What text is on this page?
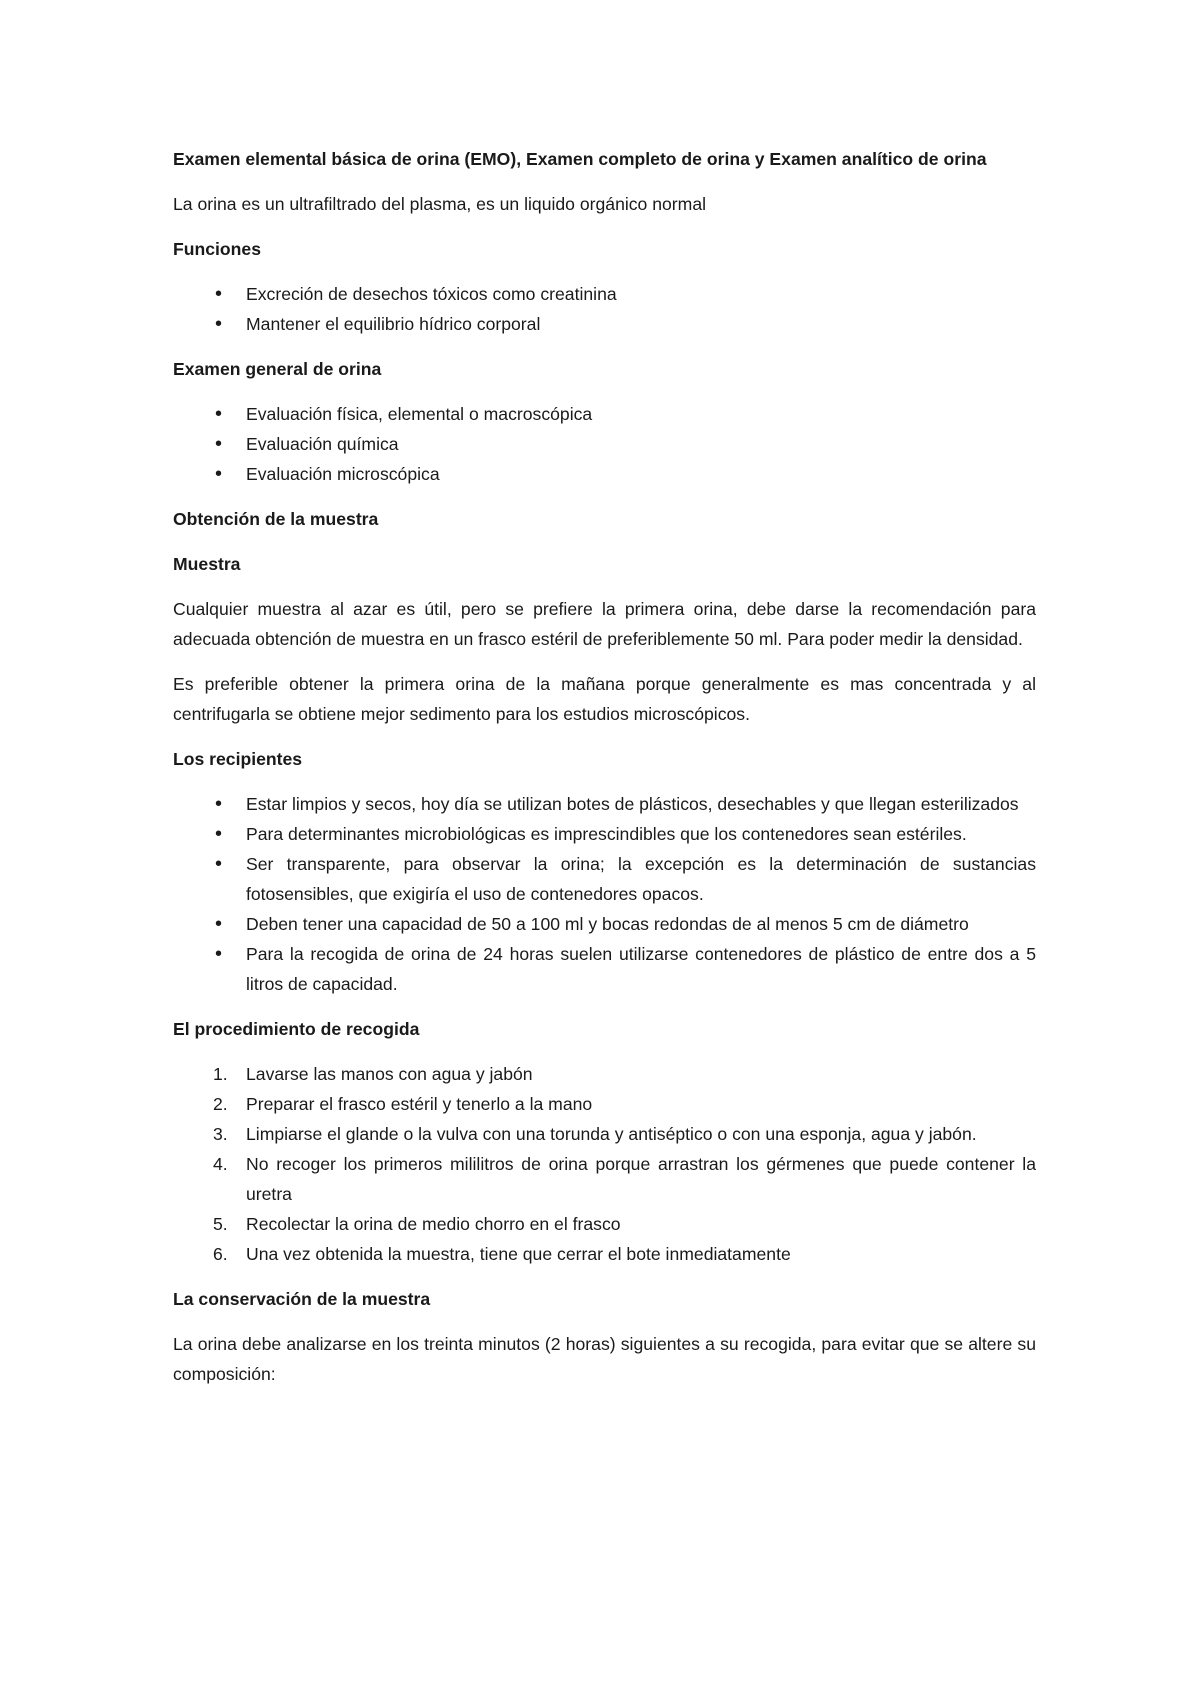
Examen elemental básica de orina (EMO), Examen completo de orina y Examen analítico de orina
La orina es un ultrafiltrado del plasma, es un liquido orgánico normal
Funciones
• Excreción de desechos tóxicos como creatinina
• Mantener el equilibrio hídrico corporal
Examen general de orina
• Evaluación física, elemental o macroscópica
• Evaluación química
• Evaluación microscópica
Obtención de la muestra
Muestra
Cualquier muestra al azar es útil, pero se prefiere la primera orina, debe darse la recomendación para adecuada obtención de muestra en un frasco estéril de preferiblemente 50 ml. Para poder medir la densidad.
Es preferible obtener la primera orina de la mañana porque generalmente es mas concentrada y al centrifugarla se obtiene mejor sedimento para los estudios microscópicos.
Los recipientes
• Estar limpios y secos, hoy día se utilizan botes de plásticos, desechables y que llegan esterilizados
• Para determinantes microbiológicas es imprescindibles que los contenedores sean estériles.
• Ser transparente, para observar la orina; la excepción es la determinación de sustancias fotosensibles, que exigiría el uso de contenedores opacos.
• Deben tener una capacidad de 50 a 100 ml y bocas redondas de al menos 5 cm de diámetro
• Para la recogida de orina de 24 horas suelen utilizarse contenedores de plástico de entre dos a 5 litros de capacidad.
El procedimiento de recogida
1. Lavarse las manos con agua y jabón
2. Preparar el frasco estéril y tenerlo a la mano
3. Limpiarse el glande o la vulva con una torunda y antiséptico o con una esponja, agua y jabón.
4. No recoger los primeros mililitros de orina porque arrastran los gérmenes que puede contener la uretra
5. Recolectar la orina de medio chorro en el frasco
6. Una vez obtenida la muestra, tiene que cerrar el bote inmediatamente
La conservación de la muestra
La orina debe analizarse en los treinta minutos (2 horas) siguientes a su recogida, para evitar que se altere su composición:
